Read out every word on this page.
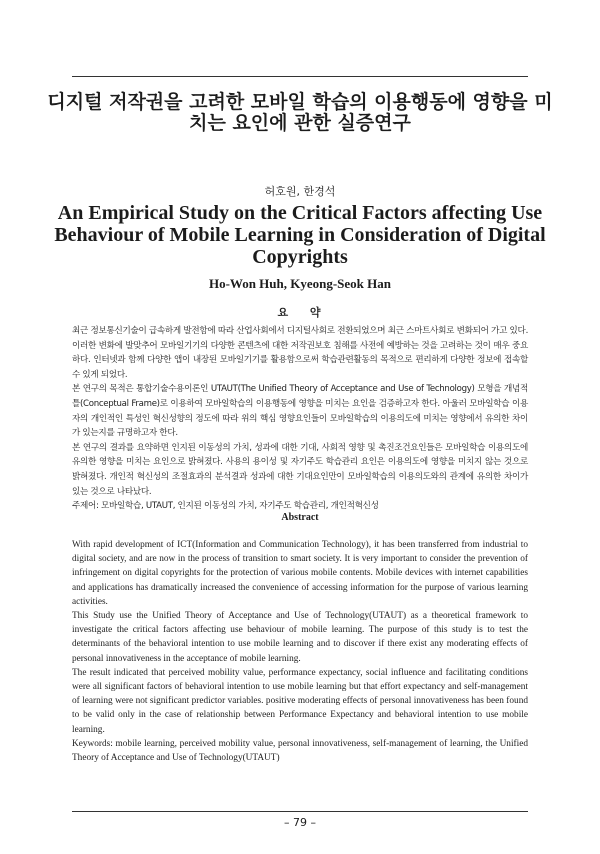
디지털 저작권을 고려한 모바일 학습의 이용행동에 영향을 미치는 요인에 관한 실증연구
허호원, 한경석
An Empirical Study on the Critical Factors affecting Use Behaviour of Mobile Learning in Consideration of Digital Copyrights
Ho-Won Huh, Kyeong-Seok Han
요 약

최근 정보통신기술이 급속하게 발전함에 따라 산업사회에서 디지털사회로 전환되었으며 최근 스마트사회로 변화되어 가고 있다. 이러한 변화에 발맞추어 모바일기기의 다양한 콘텐츠에 대한 저작권보호 침해를 사전에 예방하는 것을 고려하는 것이 매우 중요하다. 인터넷과 함께 다양한 앱이 내장된 모바일기기를 활용함으로써 학습관련활동의 목적으로 편리하게 다양한 정보에 접속할 수 있게 되었다.

본 연구의 목적은 통합기술수용이론인 UTAUT(The Unified Theory of Acceptance and Use of Technology) 모형을 개념적 틀(Conceptual Frame)로 이용하여 모바일학습의 이용행동에 영향을 미치는 요인을 검증하고자 한다. 아울러 모바일학습 이용자의 개인적인 특성인 혁신성향의 정도에 따라 위의 핵심 영향요인들이 모바일학습의 이용의도에 미치는 영향에서 유의한 차이가 있는지를 규명하고자 한다.

본 연구의 결과를 요약하면 인지된 이동성의 가치, 성과에 대한 기대, 사회적 영향 및 촉진조건요인들은 모바일학습 이용의도에 유의한 영향을 미치는 요인으로 밝혀졌다. 사용의 용이성 및 자기주도 학습관리 요인은 이용의도에 영향을 미치지 않는 것으로 밝혀졌다. 개인적 혁신성의 조절효과의 분석결과 성과에 대한 기대요인만이 모바일학습의 이용의도와의 관계에 유의한 차이가 있는 것으로 나타났다.

주제어: 모바일학습, UTAUT, 인지된 이동성의 가치, 자기주도 학습관리, 개인적혁신성

Abstract

With rapid development of ICT(Information and Communication Technology), it has been transferred from industrial to digital society, and are now in the process of transition to smart society. It is very important to consider the prevention of infringement on digital copyrights for the protection of various mobile contents. Mobile devices with internet capabilities and applications has dramatically increased the convenience of accessing information for the purpose of various learning activities.

This Study use the Unified Theory of Acceptance and Use of Technology(UTAUT) as a theoretical framework to investigate the critical factors affecting use behaviour of mobile learning. The purpose of this study is to test the determinants of the behavioral intention to use mobile learning and to discover if there exist any moderating effects of personal innovativeness in the acceptance of mobile learning.

The result indicated that perceived mobility value, performance expectancy, social influence and facilitating conditions were all significant factors of behavioral intention to use mobile learning but that effort expectancy and self-management of learning were not significant predictor variables. positive moderating effects of personal innovativeness has been found to be valid only in the case of relationship between Performance Expectancy and behavioral intention to use mobile learning.

Keywords: mobile learning, perceived mobility value, personal innovativeness, self-management of learning, the Unified Theory of Acceptance and Use of Technology(UTAUT)

– 79 –
